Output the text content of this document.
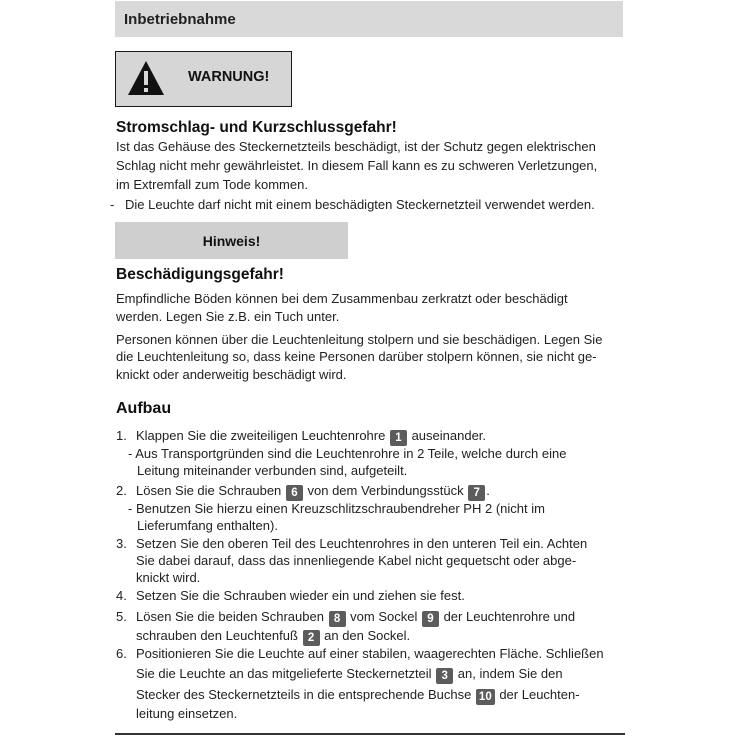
Inbetriebnahme
WARNUNG!
Stromschlag- und Kurzschlussgefahr!
Ist das Gehäuse des Steckernetzteils beschädigt, ist der Schutz gegen elektrischen
Schlag nicht mehr gewährleistet. In diesem Fall kann es zu schweren Verletzungen,
im Extremfall zum Tode kommen.
- Die Leuchte darf nicht mit einem beschädigten Steckernetzteil verwendet werden.
Hinweis!
Beschädigungsgefahr!
Empfindliche Böden können bei dem Zusammenbau zerkratzt oder beschädigt
werden. Legen Sie z.B. ein Tuch unter.
Personen können über die Leuchtenleitung stolpern und sie beschädigen. Legen Sie
die Leuchtenleitung so, dass keine Personen darüber stolpern können, sie nicht ge-
knickt oder anderweitig beschädigt wird.
Aufbau
1. Klappen Sie die zweiteiligen Leuchtenrohre 1 auseinander.
- Aus Transportgründen sind die Leuchtenrohre in 2 Teile, welche durch eine
Leitung miteinander verbunden sind, aufgeteilt.
2. Lösen Sie die Schrauben 6 von dem Verbindungsstück 7 .
- Benutzen Sie hierzu einen Kreuzschlitzschraubendreher PH 2 (nicht im
Lieferumfang enthalten).
3. Setzen Sie den oberen Teil des Leuchtenrohres in den unteren Teil ein. Achten
Sie dabei darauf, dass das innenliegende Kabel nicht gequetscht oder abge-
knickt wird.
4. Setzen Sie die Schrauben wieder ein und ziehen sie fest.
5. Lösen Sie die beiden Schrauben 8 vom Sockel 9 der Leuchtenrohre und
schrauben den Leuchtenfuß 2 an den Sockel.
6. Positionieren Sie die Leuchte auf einer stabilen, waagerechten Fläche. Schließen
Sie die Leuchte an das mitgelieferte Steckernetzteil 3 an, indem Sie den
Stecker des Steckernetzteils in die entsprechende Buchse 10 der Leuchten-
leitung einsetzen.
